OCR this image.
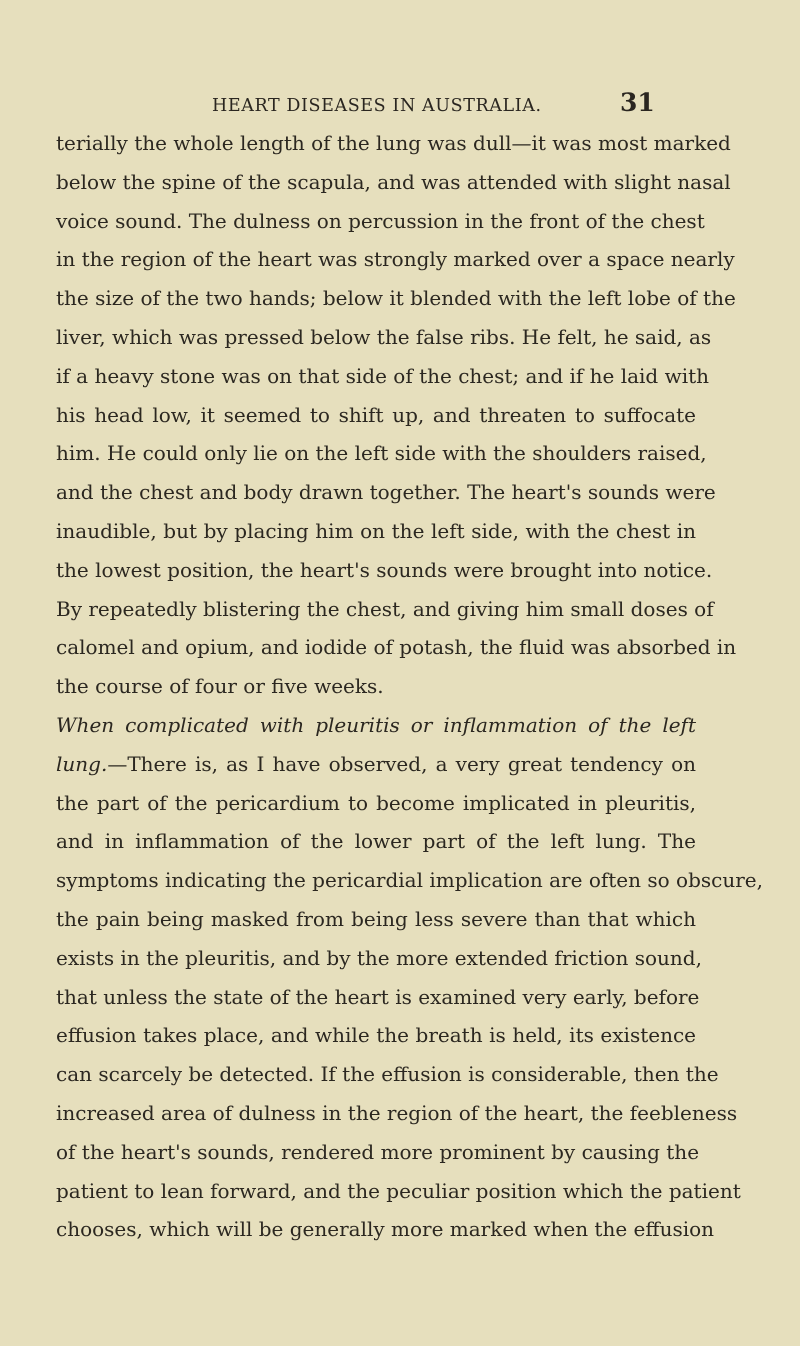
HEART DISEASES IN AUSTRALIA.	31
terially the whole length of the lung was dull—it was most marked
below the spine of the scapula, and was attended with slight nasal
voice sound. The dulness on percussion in the front of the chest
in the region of the heart was strongly marked over a space nearly
the size of the two hands; below it blended with the left lobe of the
liver, which was pressed below the false ribs. He felt, he said, as
if a heavy stone was on that side of the chest; and if he laid with
his head low, it seemed to shift up, and threaten to suffocate
him. He could only lie on the left side with the shoulders raised,
and the chest and body drawn together. The heart's sounds were
inaudible, but by placing him on the left side, with the chest in
the lowest position, the heart's sounds were brought into notice.
By repeatedly blistering the chest, and giving him small doses of
calomel and opium, and iodide of potash, the fluid was absorbed in
the course of four or five weeks.
When complicated with pleuritis or inflammation of the left
lung.—There is, as I have observed, a very great tendency on
the part of the pericardium to become implicated in pleuritis,
and in inflammation of the lower part of the left lung. The
symptoms indicating the pericardial implication are often so obscure,
the pain being masked from being less severe than that which
exists in the pleuritis, and by the more extended friction sound,
that unless the state of the heart is examined very early, before
effusion takes place, and while the breath is held, its existence
can scarcely be detected. If the effusion is considerable, then the
increased area of dulness in the region of the heart, the feebleness
of the heart's sounds, rendered more prominent by causing the
patient to lean forward, and the peculiar position which the patient
chooses, which will be generally more marked when the effusion
